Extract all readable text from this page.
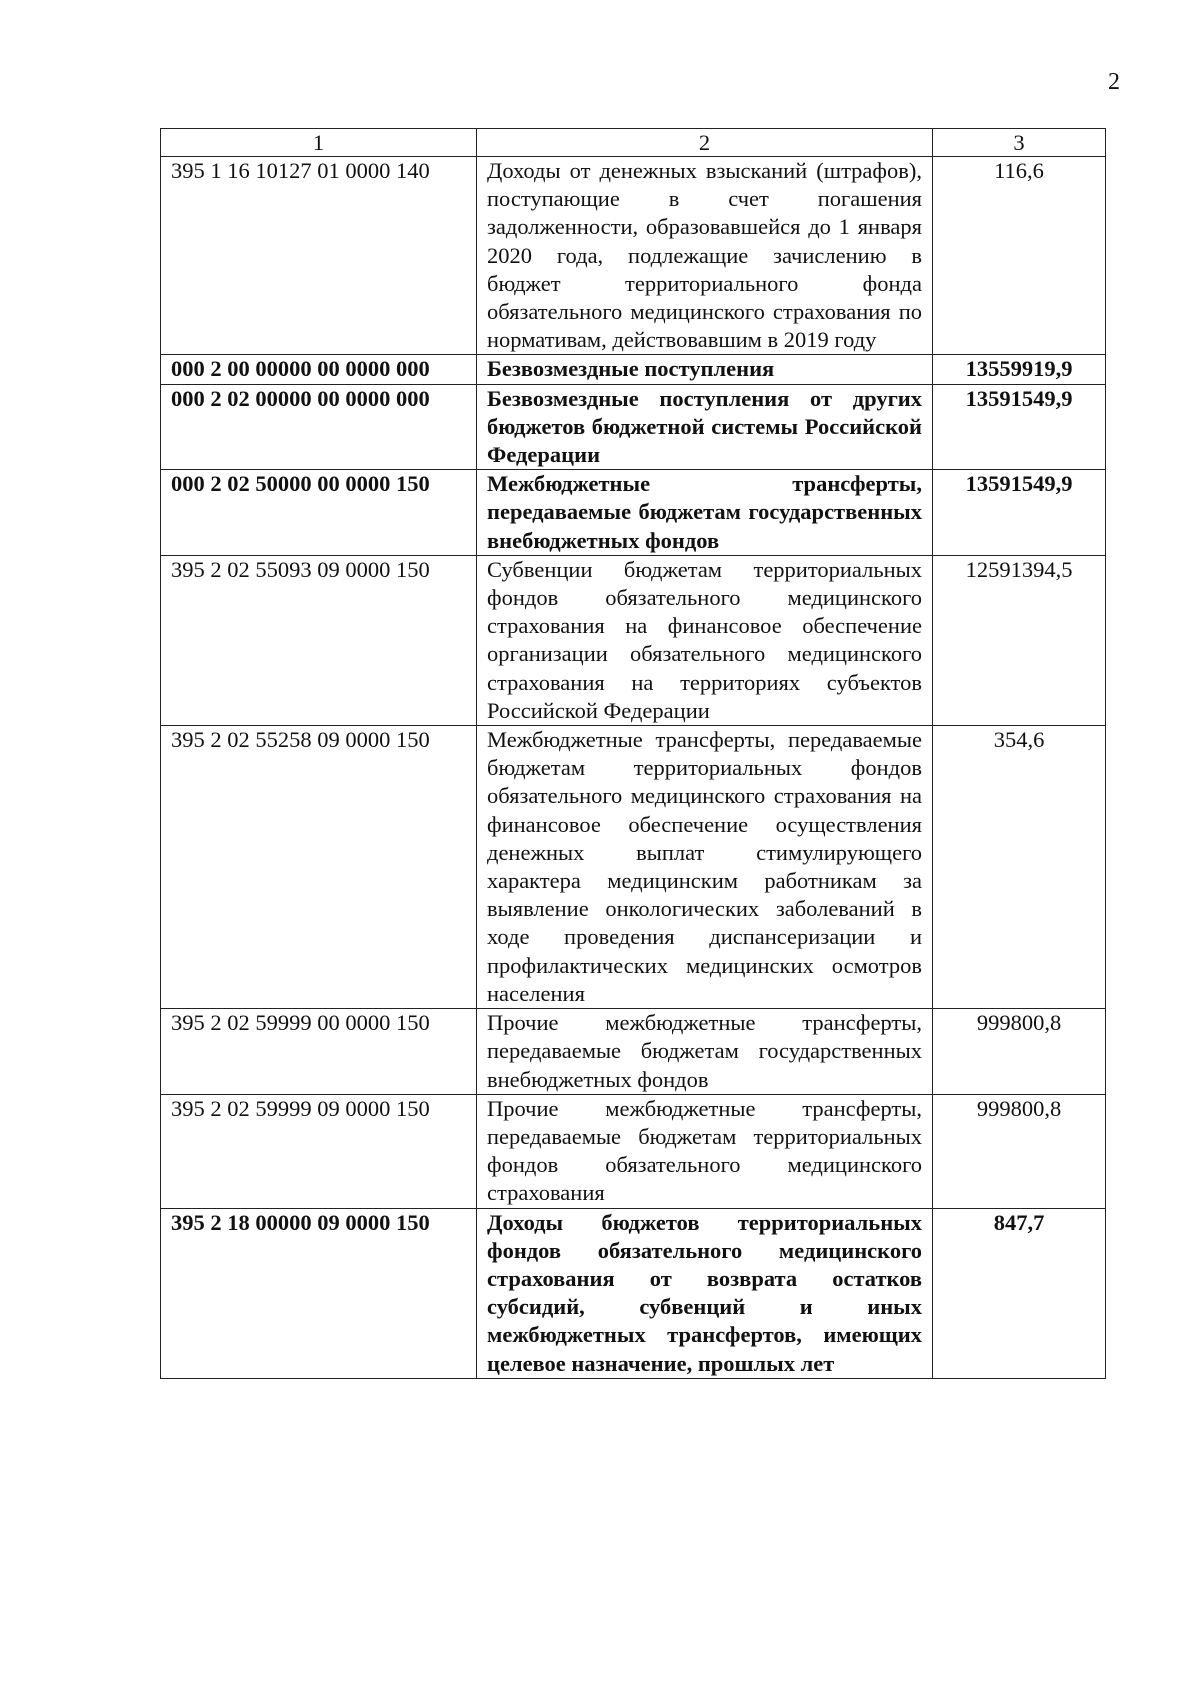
2
1	2	3
395 1 16 10127 01 0000 140	Доходы от денежных взысканий (штрафов), поступающие в счет погашения задолженности, образовавшейся до 1 января 2020 года, подлежащие зачислению в бюджет территориального фонда обязательного медицинского страхования по нормативам, действовавшим в 2019 году	116,6
000 2 00 00000 00 0000 000	Безвозмездные поступления	13559919,9
000 2 02 00000 00 0000 000	Безвозмездные поступления от других бюджетов бюджетной системы Российской Федерации	13591549,9
000 2 02 50000 00 0000 150	Межбюджетные трансферты, передаваемые бюджетам государственных внебюджетных фондов	13591549,9
395 2 02 55093 09 0000 150	Субвенции бюджетам территориальных фондов обязательного медицинского страхования на финансовое обеспечение организации обязательного медицинского страхования на территориях субъектов Российской Федерации	12591394,5
395 2 02 55258 09 0000 150	Межбюджетные трансферты, передаваемые бюджетам территориальных фондов обязательного медицинского страхования на финансовое обеспечение осуществления денежных выплат стимулирующего характера медицинским работникам за выявление онкологических заболеваний в ходе проведения диспансеризации и профилактических медицинских осмотров населения	354,6
395 2 02 59999 00 0000 150	Прочие межбюджетные трансферты, передаваемые бюджетам государственных внебюджетных фондов	999800,8
395 2 02 59999 09 0000 150	Прочие межбюджетные трансферты, передаваемые бюджетам территориальных фондов обязательного медицинского страхования	999800,8
395 2 18 00000 09 0000 150	Доходы бюджетов территориальных фондов обязательного медицинского страхования от возврата остатков субсидий, субвенций и иных межбюджетных трансфертов, имеющих целевое назначение, прошлых лет	847,7
